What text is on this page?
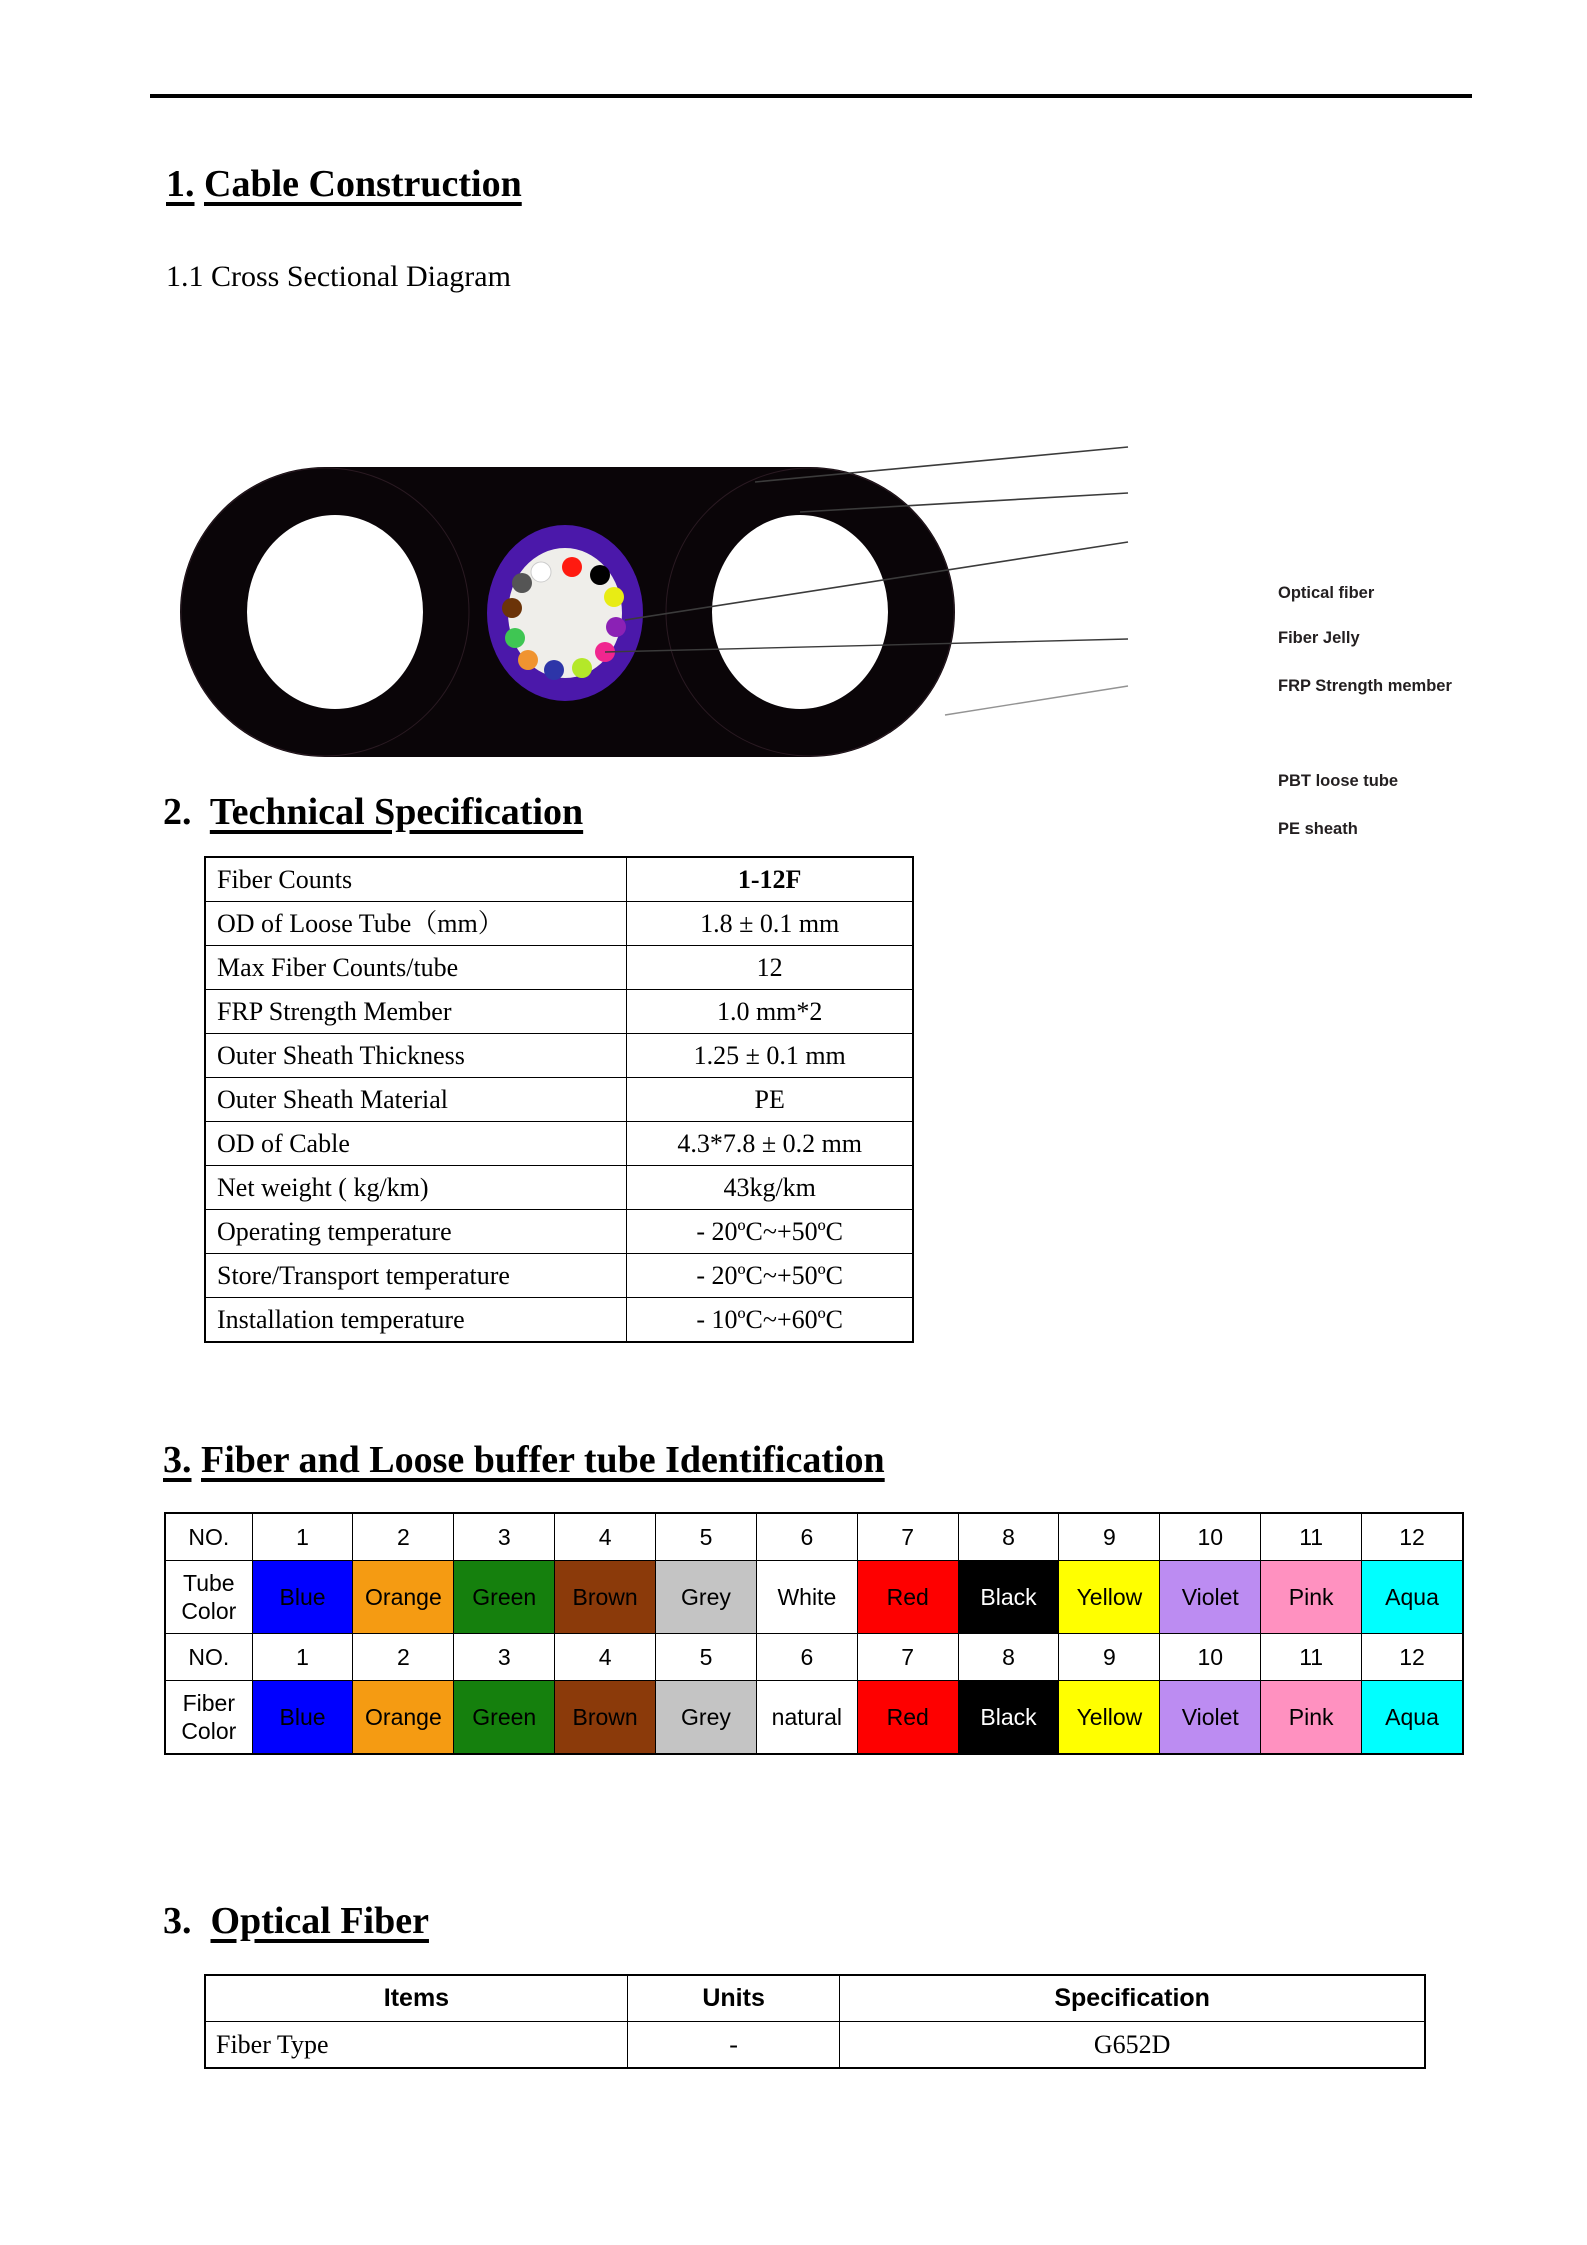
1. Cable Construction
1.1 Cross Sectional Diagram
Optical fiber
Fiber Jelly
FRP Strength member
PBT loose tube
PE sheath
2. Technical Specification
Fiber Counts	1-12F
OD of Loose Tube（mm）	1.8 ± 0.1 mm
Max Fiber Counts/tube	12
FRP Strength Member	1.0 mm*2
Outer Sheath Thickness	1.25 ± 0.1 mm
Outer Sheath Material	PE
OD of Cable	4.3*7.8 ± 0.2 mm
Net weight ( kg/km)	43kg/km
Operating temperature	- 20ºC~+50ºC
Store/Transport temperature	- 20ºC~+50ºC
Installation temperature	- 10ºC~+60ºC
3. Fiber and Loose buffer tube Identification
NO.	1	2	3	4	5	6	7	8	9	10	11	12
Tube Color	Blue	Orange	Green	Brown	Grey	White	Red	Black	Yellow	Violet	Pink	Aqua
NO.	1	2	3	4	5	6	7	8	9	10	11	12
Fiber Color	Blue	Orange	Green	Brown	Grey	natural	Red	Black	Yellow	Violet	Pink	Aqua
3. Optical Fiber
Items	Units	Specification
Fiber Type	-	G652D
